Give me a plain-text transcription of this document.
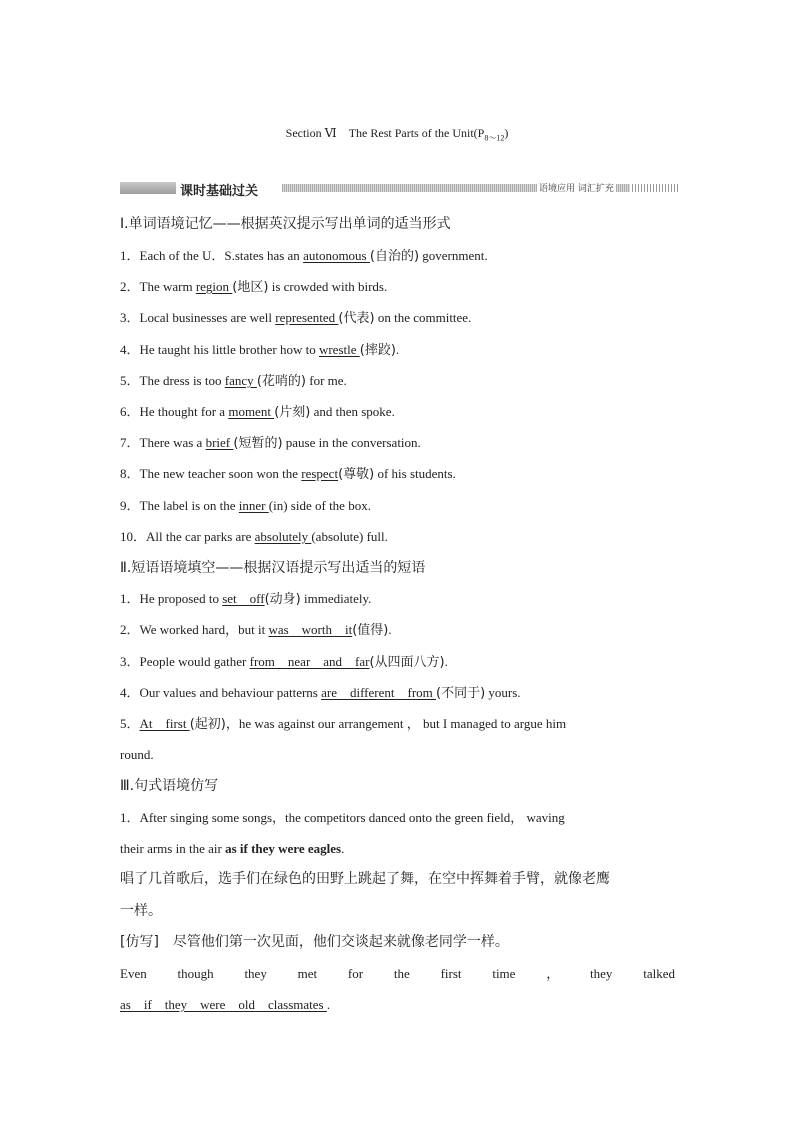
Section Ⅵ　The Rest Parts of the $Unit(P_{8\sim 12})$
课时基础过关	语境应用 词汇扩充
Ⅰ.单词语境记忆——根据英汉提示写出单词的适当形式
1．Each of the U．S.states has an autonomous (自治的) government.
2．The warm region (地区) is crowded with birds.
3．Local businesses are well represented (代表) on the committee.
4．He taught his little brother how to wrestle (摔跤).
5．The dress is too fancy (花哨的) for me.
6．He thought for a moment (片刻) and then spoke.
7．There was a brief (短暂的) pause in the conversation.
8．The new teacher soon won the respect(尊敬) of his students.
9．The label is on the inner (in) side of the box.
10．All the car parks are absolutely (absolute) full.
Ⅱ.短语语境填空——根据汉语提示写出适当的短语
1．He proposed to set    off(动身) immediately.
2．We worked hard，but it was    worth    it(值得).
3．People would gather from    near    and    far(从四面八方).
4．Our values and behaviour patterns are    different    from (不同于) yours.
5．At    first (起初)，he was against our arrangement ， but I managed to argue him
round.
Ⅲ.句式语境仿写
1．After singing some songs，the competitors danced onto the green field， waving
their arms in the air as if they were eagles.
唱了几首歌后，选手们在绿色的田野上跳起了舞，在空中挥舞着手臂，就像老鹰
一样。
[仿写]　尽管他们第一次见面，他们交谈起来就像老同学一样。
Even though they met for the first time ， they talked
as    if    they    were    old    classmates .
